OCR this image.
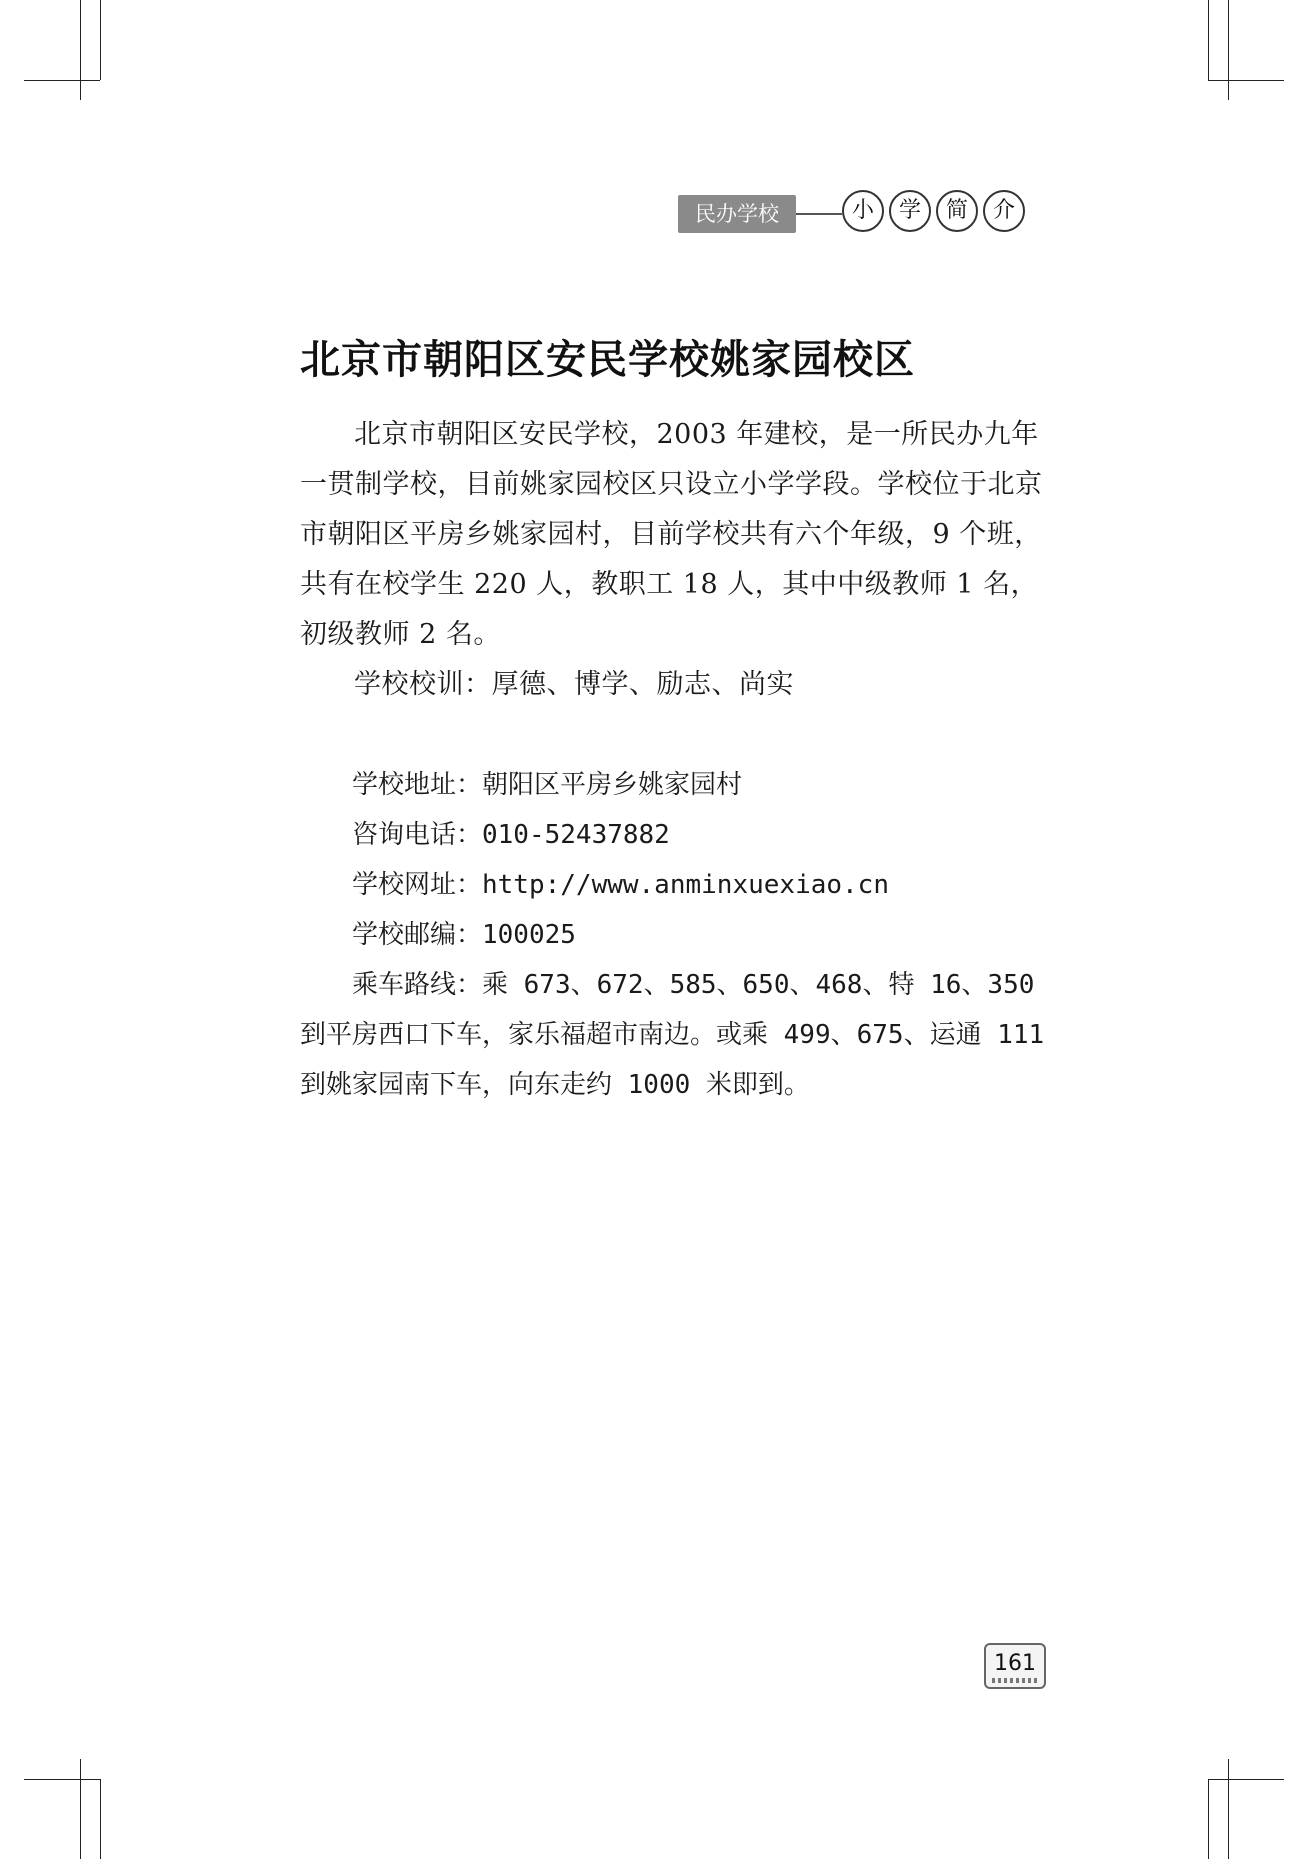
民办学校	小	学	简	介
北京市朝阳区安民学校姚家园校区

北京市朝阳区安民学校，2003 年建校，是一所民办九年一贯制学校，目前姚家园校区只设立小学学段。学校位于北京市朝阳区平房乡姚家园村，目前学校共有六个年级，9 个班，共有在校学生 220 人，教职工 18 人，其中中级教师 1 名，初级教师 2 名。

学校校训：厚德、博学、励志、尚实
学校地址：朝阳区平房乡姚家园村
咨询电话：010-52437882
学校网址：http://www.anminxuexiao.cn
学校邮编：100025
乘车路线：乘 673、672、585、650、468、特 16、350 到平房西口下车，家乐福超市南边。或乘 499、675、运通 111 到姚家园南下车，向东走约 1000 米即到。
161
